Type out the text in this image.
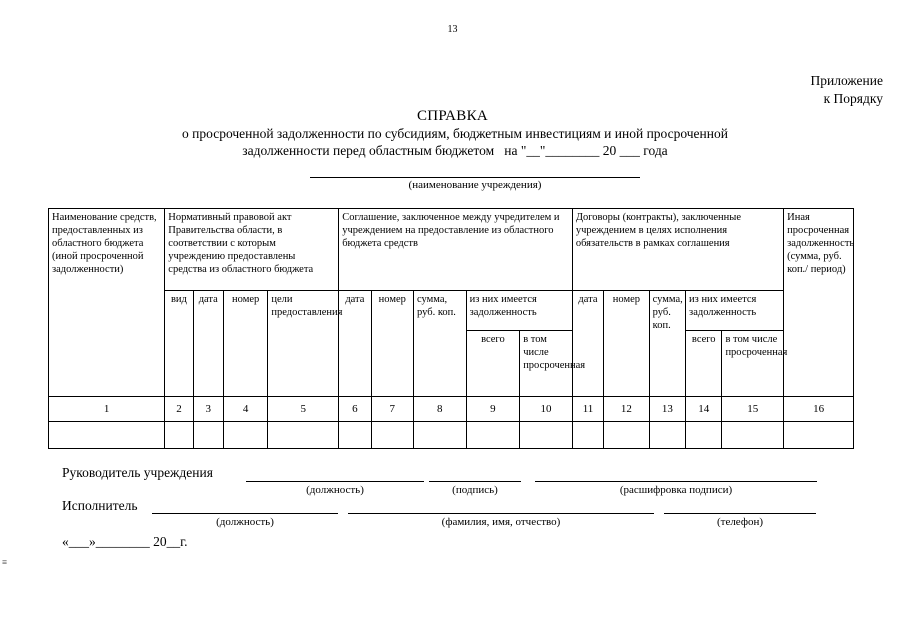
13
Приложение
к Порядку
СПРАВКА
о просроченной задолженности по субсидиям, бюджетным инвестициям и иной просроченной
задолженности перед областным бюджетом   на "__"________ 20 ___ года
(наименование учреждения)
Наименование средств, предоставленных из областного бюджета (иной просроченной задолженности)	Нормативный правовой акт Правительства области, в соответствии с которым учреждению предоставлены средства из областного бюджета				Соглашение, заключенное между учредителем и учреждением на предоставление из областного бюджета средств					Договоры (контракты), заключенные учреждением в целях исполнения обязательств в рамках соглашения					Иная просроченная задолженность (сумма, руб. коп./ период)
	вид	дата	номер	цели предоставления	дата	номер	сумма, руб. коп.	из них имеется задолженность		дата	номер	сумма, руб. коп.	из них имеется задолженность		
								всего	в том числе просроченная				всего	в том числе просроченная	
1	2	3	4	5	6	7	8	9	10	11	12	13	14	15	16

Руководитель учреждения
(должность)	(подпись)	(расшифровка подписи)
Исполнитель
(должность)	(фамилия, имя, отчество)	(телефон)
«___»________ 20__г.
≡
